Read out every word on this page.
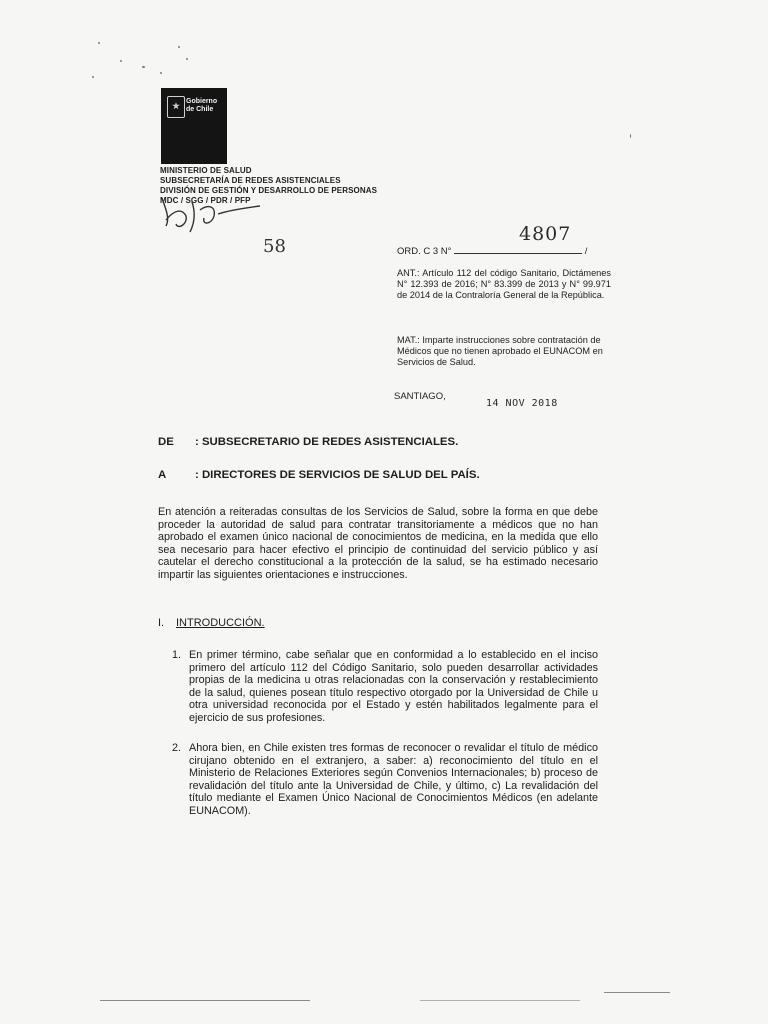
Gobierno
de Chile
MINISTERIO DE SALUD
SUBSECRETARÍA DE REDES ASISTENCIALES
DIVISIÓN DE GESTIÓN Y DESARROLLO DE PERSONAS
MDC / SGG / PDR / PFP
58
4807
ORD. C 3 N°	/
ANT.: Artículo 112 del código Sanitario, Dictámenes N° 12.393 de 2016; N° 83.399 de 2013 y N° 99.971 de 2014 de la Contraloría General de la República.
MAT.: Imparte instrucciones sobre contratación de Médicos que no tienen aprobado el EUNACOM en Servicios de Salud.
SANTIAGO,
14 NOV 2018
DE : SUBSECRETARIO DE REDES ASISTENCIALES.
A	: DIRECTORES DE SERVICIOS DE SALUD DEL PAÍS.
En atención a reiteradas consultas de los Servicios de Salud, sobre la forma en que debe proceder la autoridad de salud para contratar transitoriamente a médicos que no han aprobado el examen único nacional de conocimientos de medicina, en la medida que ello sea necesario para hacer efectivo el principio de continuidad del servicio público y así cautelar el derecho constitucional a la protección de la salud, se ha estimado necesario impartir las siguientes orientaciones e instrucciones.
I. INTRODUCCIÓN.
1. En primer término, cabe señalar que en conformidad a lo establecido en el inciso primero del artículo 112 del Código Sanitario, solo pueden desarrollar actividades propias de la medicina u otras relacionadas con la conservación y restablecimiento de la salud, quienes posean título respectivo otorgado por la Universidad de Chile u otra universidad reconocida por el Estado y estén habilitados legalmente para el ejercicio de sus profesiones.
2. Ahora bien, en Chile existen tres formas de reconocer o revalidar el título de médico cirujano obtenido en el extranjero, a saber: a) reconocimiento del título en el Ministerio de Relaciones Exteriores según Convenios Internacionales; b) proceso de revalidación del título ante la Universidad de Chile, y último, c) La revalidación del título mediante el Examen Único Nacional de Conocimientos Médicos (en adelante EUNACOM).
